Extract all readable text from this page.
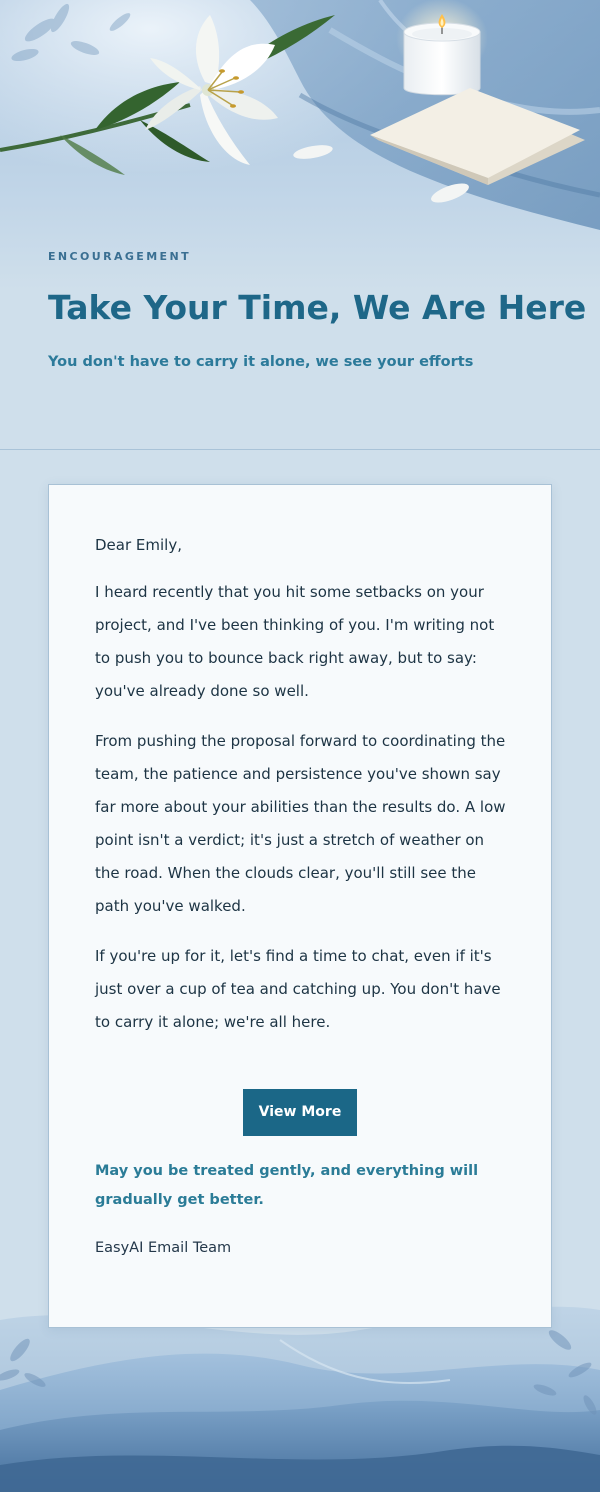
ENCOURAGEMENT

Take Your Time, We Are Here

You don't have to carry it alone, we see your efforts

Dear Emily,

I heard recently that you hit some setbacks on your project, and I've been thinking of you. I'm writing not to push you to bounce back right away, but to say: you've already done so well.

From pushing the proposal forward to coordinating the team, the patience and persistence you've shown say far more about your abilities than the results do. A low point isn't a verdict; it's just a stretch of weather on the road. When the clouds clear, you'll still see the path you've walked.

If you're up for it, let's find a time to chat, even if it's just over a cup of tea and catching up. You don't have to carry it alone; we're all here.

View More

May you be treated gently, and everything will gradually get better.

EasyAI Email Team
